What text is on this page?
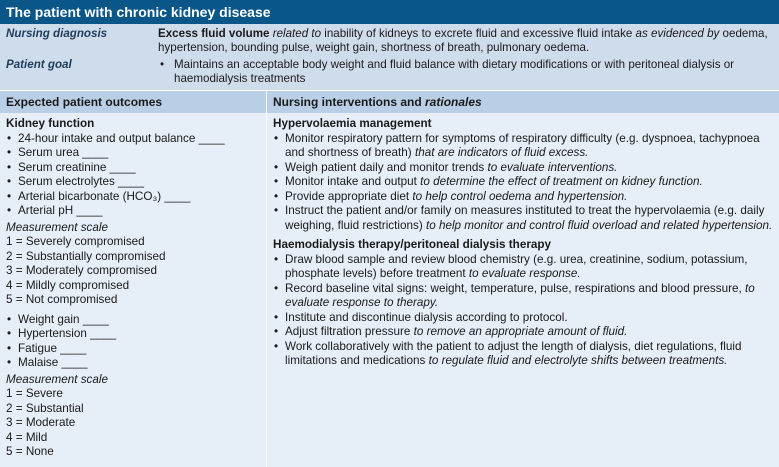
The patient with chronic kidney disease
Nursing diagnosis	Excess fluid volume related to inability of kidneys to excrete fluid and excessive fluid intake as evidenced by oedema, hypertension, bounding pulse, weight gain, shortness of breath, pulmonary oedema.
Patient goal	• Maintains an acceptable body weight and fluid balance with dietary modifications or with peritoneal dialysis or haemodialysis treatments
Expected patient outcomes	Nursing interventions and rationales
Kidney function
• 24-hour intake and output balance ____
• Serum urea ____
• Serum creatinine ____
• Serum electrolytes ____
• Arterial bicarbonate (HCO₃) ____
• Arterial pH ____
Measurement scale
1 = Severely compromised
2 = Substantially compromised
3 = Moderately compromised
4 = Mildly compromised
5 = Not compromised
• Weight gain ____
• Hypertension ____
• Fatigue ____
• Malaise ____
Measurement scale
1 = Severe
2 = Substantial
3 = Moderate
4 = Mild
5 = None
Hypervolaemia management
• Monitor respiratory pattern for symptoms of respiratory difficulty (e.g. dyspnoea, tachypnoea and shortness of breath) that are indicators of fluid excess.
• Weigh patient daily and monitor trends to evaluate interventions.
• Monitor intake and output to determine the effect of treatment on kidney function.
• Provide appropriate diet to help control oedema and hypertension.
• Instruct the patient and/or family on measures instituted to treat the hypervolaemia (e.g. daily weighing, fluid restrictions) to help monitor and control fluid overload and related hypertension.
Haemodialysis therapy/peritoneal dialysis therapy
• Draw blood sample and review blood chemistry (e.g. urea, creatinine, sodium, potassium, phosphate levels) before treatment to evaluate response.
• Record baseline vital signs: weight, temperature, pulse, respirations and blood pressure, to evaluate response to therapy.
• Institute and discontinue dialysis according to protocol.
• Adjust filtration pressure to remove an appropriate amount of fluid.
• Work collaboratively with the patient to adjust the length of dialysis, diet regulations, fluid limitations and medications to regulate fluid and electrolyte shifts between treatments.
